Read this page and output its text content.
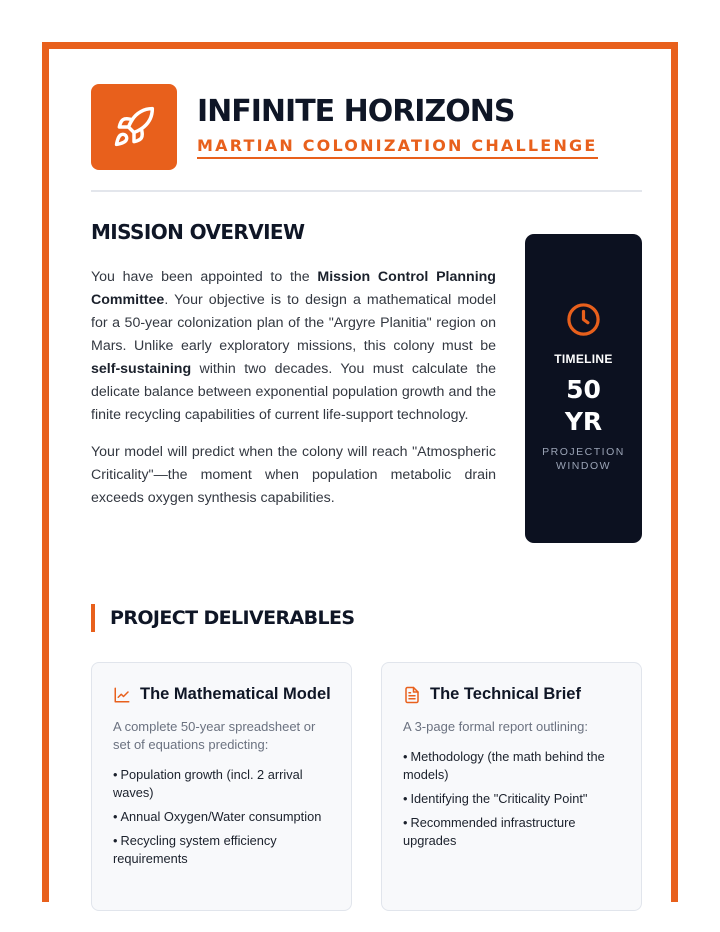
INFINITE HORIZONS
MARTIAN COLONIZATION CHALLENGE
MISSION OVERVIEW

You have been appointed to the Mission Control Planning Committee. Your objective is to design a mathematical model for a 50-year colonization plan of the "Argyre Planitia" region on Mars. Unlike early exploratory missions, this colony must be self-sustaining within two decades. You must calculate the delicate balance between exponential population growth and the finite recycling capabilities of current life-support technology.

Your model will predict when the colony will reach "Atmospheric Criticality"—the moment when population metabolic drain exceeds oxygen synthesis capabilities.

TIMELINE
50
YR
PROJECTION
WINDOW
PROJECT DELIVERABLES
The Mathematical Model

A complete 50-year spreadsheet or set of equations predicting:

• Population growth (incl. 2 arrival waves)
• Annual Oxygen/Water consumption
• Recycling system efficiency requirements
The Technical Brief

A 3-page formal report outlining:

• Methodology (the math behind the models)
• Identifying the "Criticality Point"
• Recommended infrastructure upgrades
